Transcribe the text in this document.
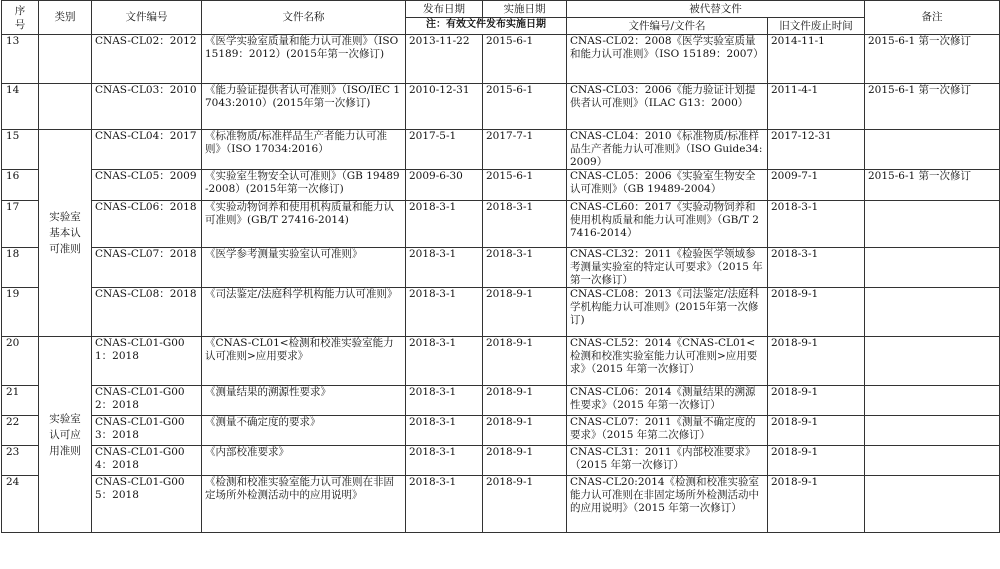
序号	类别	文件编号	文件名称	发布日期	实施日期	被代替文件		备注
				注：有效文件发布实施日期		文件编号/文件名	旧文件废止时间	
13		CNAS-CL02：2012	《医学实验室质量和能力认可准则》（ISO 15189：2012）(2015年第一次修订)	2013-11-22	2015-6-1	CNAS-CL02：2008《医学实验室质量和能力认可准则》（ISO 15189：2007）	2014-11-1	2015-6-1 第一次修订
14		CNAS-CL03：2010	《能力验证提供者认可准则》（ISO/IEC 17043:2010）(2015年第一次修订)	2010-12-31	2015-6-1	CNAS-CL03：2006《能力验证计划提供者认可准则》（ILAC G13：2000）	2011-4-1	2015-6-1 第一次修订
15	实验室基本认可准则	CNAS-CL04：2017	《标准物质/标准样品生产者能力认可准则》（ISO 17034:2016）	2017-5-1	2017-7-1	CNAS-CL04：2010《标准物质/标准样品生产者能力认可准则》（ISO Guide34:2009）	2017-12-31	
16		CNAS-CL05：2009	《实验室生物安全认可准则》（GB 19489-2008）(2015年第一次修订)	2009-6-30	2015-6-1	CNAS-CL05：2006《实验室生物安全认可准则》（GB 19489-2004）	2009-7-1	2015-6-1 第一次修订
17		CNAS-CL06：2018	《实验动物饲养和使用机构质量和能力认可准则》(GB/T 27416-2014)	2018-3-1	2018-3-1	CNAS-CL60：2017《实验动物饲养和使用机构质量和能力认可准则》（GB/T 27416-2014）	2018-3-1	
18		CNAS-CL07：2018	《医学参考测量实验室认可准则》	2018-3-1	2018-3-1	CNAS-CL32：2011《检验医学领域参考测量实验室的特定认可要求》（2015 年第一次修订）	2018-3-1	
19		CNAS-CL08：2018	《司法鉴定/法庭科学机构能力认可准则》	2018-3-1	2018-9-1	CNAS-CL08：2013《司法鉴定/法庭科学机构能力认可准则》(2015年第一次修订)	2018-9-1	
20	实验室认可应用准则	CNAS-CL01-G001：2018	《CNAS-CL01<检测和校准实验室能力认可准则>应用要求》	2018-3-1	2018-9-1	CNAS-CL52：2014《CNAS-CL01<检测和校准实验室能力认可准则>应用要求》（2015 年第一次修订）	2018-9-1	
21		CNAS-CL01-G002：2018	《测量结果的溯源性要求》	2018-3-1	2018-9-1	CNAS-CL06：2014《测量结果的溯源性要求》（2015 年第一次修订）	2018-9-1	
22		CNAS-CL01-G003：2018	《测量不确定度的要求》	2018-3-1	2018-9-1	CNAS-CL07：2011《测量不确定度的要求》（2015 年第二次修订）	2018-9-1	
23		CNAS-CL01-G004：2018	《内部校准要求》	2018-3-1	2018-9-1	CNAS-CL31：2011《内部校准要求》（2015 年第一次修订）	2018-9-1	
24		CNAS-CL01-G005：2018	《检测和校准实验室能力认可准则在非固定场所外检测活动中的应用说明》	2018-3-1	2018-9-1	CNAS-CL20:2014《检测和校准实验室能力认可准则在非固定场所外检测活动中的应用说明》（2015 年第一次修订）	2018-9-1	
